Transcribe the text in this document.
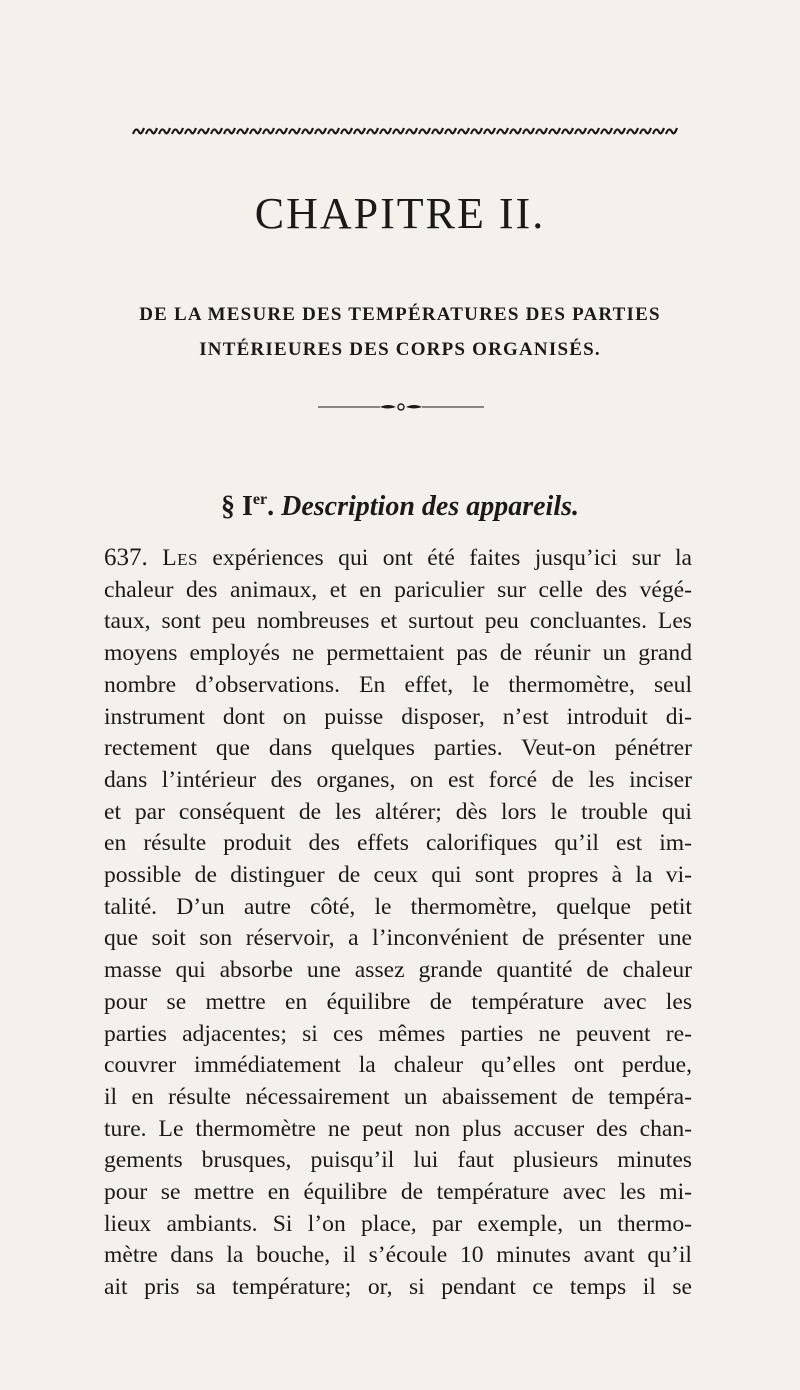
CHAPITRE II.
DE LA MESURE DES TEMPÉRATURES DES PARTIES
INTÉRIEURES DES CORPS ORGANISÉS.
§ Ier. Description des appareils.
637. Les expériences qui ont été faites jusqu’ici sur la
chaleur des animaux, et en pariculier sur celle des végé-
taux, sont peu nombreuses et surtout peu concluantes. Les
moyens employés ne permettaient pas de réunir un grand
nombre d’observations. En effet, le thermomètre, seul
instrument dont on puisse disposer, n’est introduit di-
rectement que dans quelques parties. Veut-on pénétrer
dans l’intérieur des organes, on est forcé de les inciser
et par conséquent de les altérer; dès lors le trouble qui
en résulte produit des effets calorifiques qu’il est im-
possible de distinguer de ceux qui sont propres à la vi-
talité. D’un autre côté, le thermomètre, quelque petit
que soit son réservoir, a l’inconvénient de présenter une
masse qui absorbe une assez grande quantité de chaleur
pour se mettre en équilibre de température avec les
parties adjacentes; si ces mêmes parties ne peuvent re-
couvrer immédiatement la chaleur qu’elles ont perdue,
il en résulte nécessairement un abaissement de tempéra-
ture. Le thermomètre ne peut non plus accuser des chan-
gements brusques, puisqu’il lui faut plusieurs minutes
pour se mettre en équilibre de température avec les mi-
lieux ambiants. Si l’on place, par exemple, un thermo-
mètre dans la bouche, il s’écoule 10 minutes avant qu’il
ait pris sa température; or, si pendant ce temps il se
